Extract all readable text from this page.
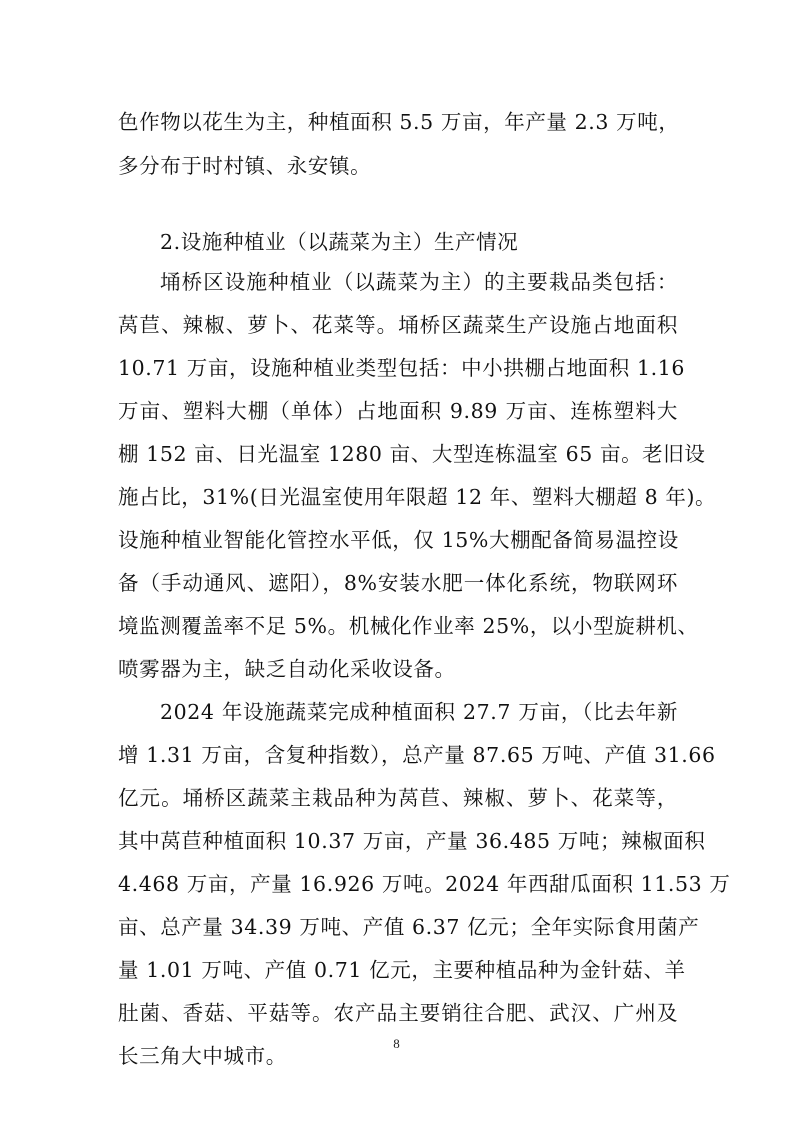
色作物以花生为主，种植面积 5.5 万亩，年产量 2.3 万吨，
多分布于时村镇、永安镇。
2.设施种植业（以蔬菜为主）生产情况
埇桥区设施种植业（以蔬菜为主）的主要栽品类包括：
莴苣、辣椒、萝卜、花菜等。埇桥区蔬菜生产设施占地面积
10.71 万亩，设施种植业类型包括：中小拱棚占地面积 1.16
万亩、塑料大棚（单体）占地面积 9.89 万亩、连栋塑料大
棚 152 亩、日光温室 1280 亩、大型连栋温室 65 亩。老旧设
施占比，31%(日光温室使用年限超 12 年、塑料大棚超 8 年)。
设施种植业智能化管控水平低，仅 15%大棚配备简易温控设
备（手动通风、遮阳），8%安装水肥一体化系统，物联网环
境监测覆盖率不足 5%。机械化作业率 25%，以小型旋耕机、
喷雾器为主，缺乏自动化采收设备。
2024 年设施蔬菜完成种植面积 27.7 万亩，（比去年新
增 1.31 万亩，含复种指数），总产量 87.65 万吨、产值 31.66
亿元。埇桥区蔬菜主栽品种为莴苣、辣椒、萝卜、花菜等，
其中莴苣种植面积 10.37 万亩，产量 36.485 万吨；辣椒面积
4.468 万亩，产量 16.926 万吨。2024 年西甜瓜面积 11.53 万
亩、总产量 34.39 万吨、产值 6.37 亿元；全年实际食用菌产
量 1.01 万吨、产值 0.71 亿元，主要种植品种为金针菇、羊
肚菌、香菇、平菇等。农产品主要销往合肥、武汉、广州及
长三角大中城市。
8
